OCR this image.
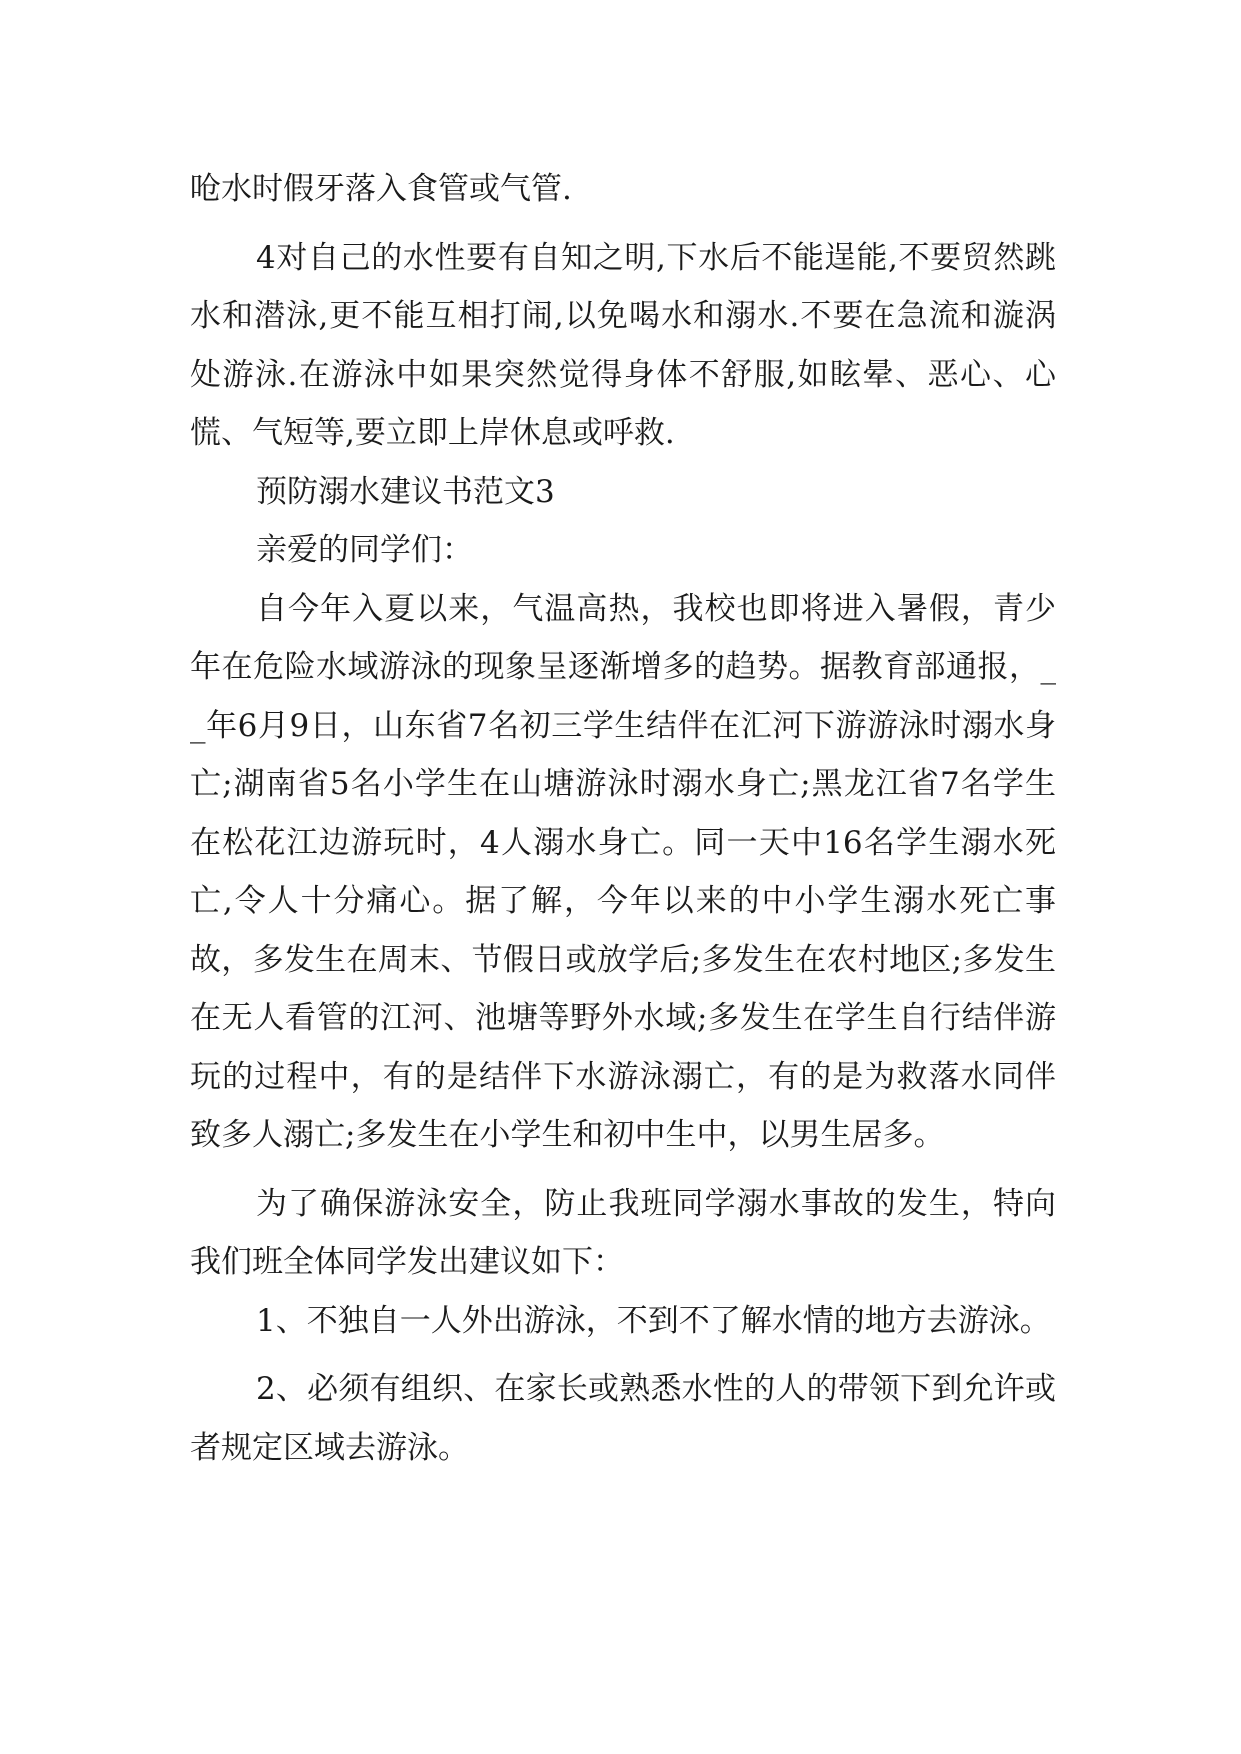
呛水时假牙落入食管或气管.

4对自己的水性要有自知之明,下水后不能逞能,不要贸然跳水和潜泳,更不能互相打闹,以免喝水和溺水.不要在急流和漩涡处游泳.在游泳中如果突然觉得身体不舒服,如眩晕、恶心、心慌、气短等,要立即上岸休息或呼救.

预防溺水建议书范文3

亲爱的同学们：

自今年入夏以来，气温高热，我校也即将进入暑假，青少年在危险水域游泳的现象呈逐渐增多的趋势。据教育部通报，__年6月9日，山东省7名初三学生结伴在汇河下游游泳时溺水身亡;湖南省5名小学生在山塘游泳时溺水身亡;黑龙江省7名学生在松花江边游玩时，4人溺水身亡。同一天中16名学生溺水死亡,令人十分痛心。据了解，今年以来的中小学生溺水死亡事故，多发生在周末、节假日或放学后;多发生在农村地区;多发生在无人看管的江河、池塘等野外水域;多发生在学生自行结伴游玩的过程中，有的是结伴下水游泳溺亡，有的是为救落水同伴致多人溺亡;多发生在小学生和初中生中，以男生居多。

为了确保游泳安全，防止我班同学溺水事故的发生，特向我们班全体同学发出建议如下：

1、不独自一人外出游泳，不到不了解水情的地方去游泳。

2、必须有组织、在家长或熟悉水性的人的带领下到允许或者规定区域去游泳。
